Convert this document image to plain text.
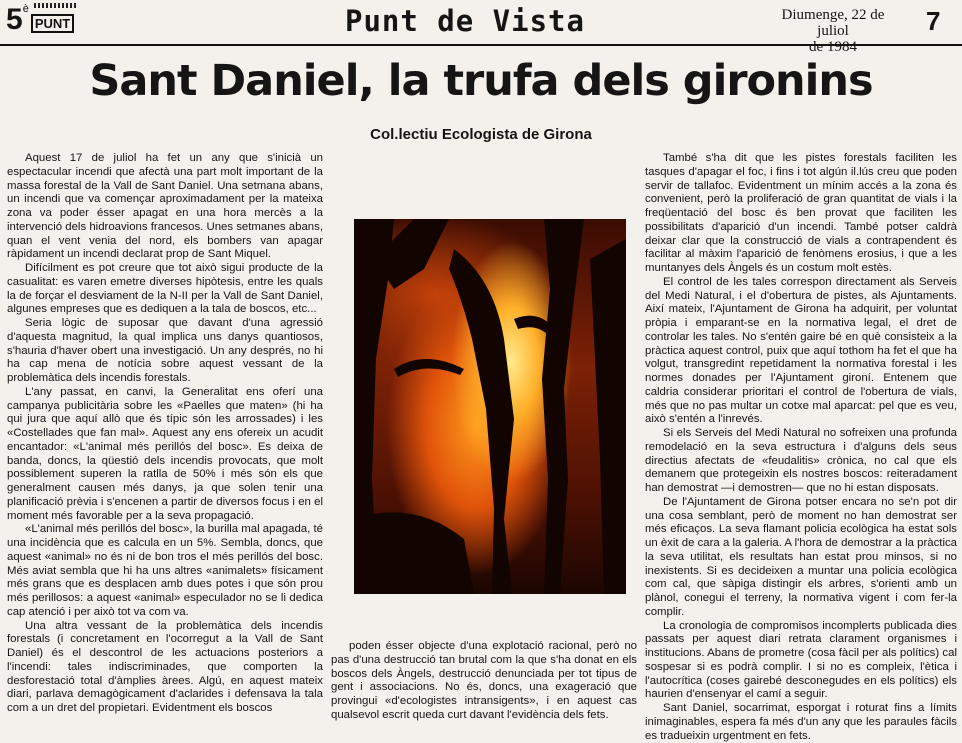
5 è
PUNT	Punt de Vista	Diumenge, 22 de juliol
de 1984
7
Sant Daniel, la trufa dels gironins
Col.lectiu Ecologista de Girona

Aquest 17 de juliol ha fet un any que s'inicià un espectacular incendi que afectà una part molt important de la massa forestal de la Vall de Sant Daniel. Una setmana abans, un incendi que va començar aproximadament per la mateixa zona va poder ésser apagat en una hora mercès a la intervenció dels hidroavions francesos. Unes setmanes abans, quan el vent venia del nord, els bombers van apagar ràpidament un incendi declarat prop de Sant Miquel.

Difícilment es pot creure que tot això sigui producte de la casualitat: es varen emetre diverses hipòtesis, entre les quals la de forçar el desviament de la N-II per la Vall de Sant Daniel, algunes empreses que es dediquen a la tala de boscos, etc...

Seria lògic de suposar que davant d'una agressió d'aquesta magnitud, la qual implica uns danys quantiosos, s'hauria d'haver obert una investigació. Un any després, no hi ha cap mena de notícia sobre aquest vessant de la problemàtica dels incendis forestals.

L'any passat, en canvi, la Generalitat ens oferí una campanya publicitària sobre les «Paelles que maten» (hi ha qui jura que aquí allò que és típic són les arrossades) i les «Costellades que fan mal». Aquest any ens ofereix un acudit encantador: «L'animal més perillós del bosc». Es deixa de banda, doncs, la qüestió dels incendis provocats, que molt possiblement superen la ratlla de 50% i més són els que generalment causen més danys, ja que solen tenir una planificació prèvia i s'encenen a partir de diversos focus i en el moment més favorable per a la seva propagació.

«L'animal més perillós del bosc», la burilla mal apagada, té una incidència que es calcula en un 5%. Sembla, doncs, que aquest «animal» no és ni de bon tros el més perillós del bosc. Més aviat sembla que hi ha uns altres «animalets» físicament més grans que es desplacen amb dues potes i que són prou més perillosos: a aquest «animal» especulador no se li dedica cap atenció i per això tot va com va.

Una altra vessant de la problemàtica dels incendis forestals (i concretament en l'ocorregut a la Vall de Sant Daniel) és el descontrol de les actuacions posteriors a l'incendi: tales indiscriminades, que comporten la desforestació total d'àmplies àrees. Algú, en aquest mateix diari, parlava demagògicament d'aclarides i defensava la tala com a un dret del propietari. Evidentment els boscos

poden ésser objecte d'una explotació racional, però no pas d'una destrucció tan brutal com la que s'ha donat en els boscos dels Àngels, destrucció denunciada per tot tipus de gent i associacions. No és, doncs, una exageració que provingui «d'ecologistes intransigents», i en aquest cas qualsevol escrit queda curt davant l'evidència dels fets.

També s'ha dit que les pistes forestals faciliten les tasques d'apagar el foc, i fins i tot algún il.lús creu que poden servir de tallafoc. Evidentment un mínim accés a la zona és convenient, però la proliferació de gran quantitat de vials i la freqüentació del bosc és ben provat que faciliten les possibilitats d'aparició d'un incendi. També potser caldrà deixar clar que la construcció de vials a contrapendent és facilitar al màxim l'aparició de fenòmens erosius, i que a les muntanyes dels Àngels és un costum molt estès.

El control de les tales correspon directament als Serveis del Medi Natural, i el d'obertura de pistes, als Ajuntaments. Així mateix, l'Ajuntament de Girona ha adquirit, per voluntat pròpia i emparant-se en la normativa legal, el dret de controlar les tales. No s'entén gaire bé en què consisteix a la pràctica aquest control, puix que aquí tothom ha fet el que ha volgut, transgredint repetidament la normativa forestal i les normes donades per l'Ajuntament gironí. Entenem que caldria considerar prioritari el control de l'obertura de vials, més que no pas multar un cotxe mal aparcat: pel que es veu, això s'entén a l'inrevés.

Si els Serveis del Medi Natural no sofreixen una profunda remodelació en la seva estructura i d'alguns dels seus directius afectats de «feudalitis» crònica, no cal que els demanem que protegeixin els nostres boscos: reiteradament han demostrat —i demostren— que no hi estan disposats.

De l'Ajuntament de Girona potser encara no se'n pot dir una cosa semblant, però de moment no han demostrat ser més eficaços. La seva flamant policia ecològica ha estat sols un èxit de cara a la galeria. A l'hora de demostrar a la pràctica la seva utilitat, els resultats han estat prou minsos, si no inexistents. Si es decideixen a muntar una policia ecològica com cal, que sàpiga distingir els arbres, s'orienti amb un plànol, conegui el terreny, la normativa vigent i com fer-la complir.

La cronologia de compromisos incomplerts publicada dies passats per aquest diari retrata clarament organismes i institucions. Abans de prometre (cosa fàcil per als polítics) cal sospesar si es podrà complir. I si no es compleix, l'ètica i l'autocrítica (coses gairebé desconegudes en els polítics) els haurien d'ensenyar el camí a seguir.

Sant Daniel, socarrimat, esporgat i roturat fins a límits inimaginables, espera fa més d'un any que les paraules fàcils es tradueixin urgentment en fets.
